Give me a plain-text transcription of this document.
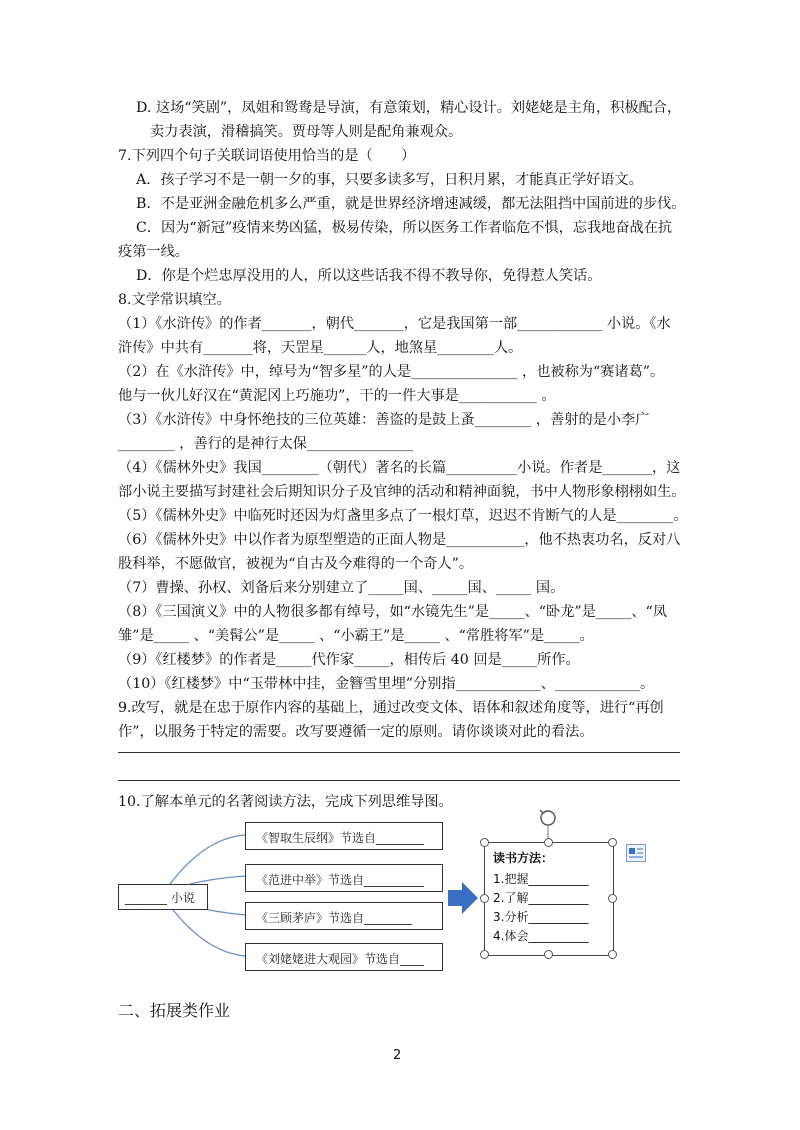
D. 这场“笑剧”，凤姐和鸳鸯是导演，有意策划，精心设计。刘姥姥是主角，积极配合，
卖力表演，滑稽搞笑。贾母等人则是配角兼观众。
7.下列四个句子关联词语使用恰当的是（　　）
A．孩子学习不是一朝一夕的事，只要多读多写，日积月累，才能真正学好语文。
B．不是亚洲金融危机多么严重，就是世界经济增速减缓，都无法阻挡中国前进的步伐。
C．因为“新冠”疫情来势凶猛，极易传染，所以医务工作者临危不惧，忘我地奋战在抗
疫第一线。
D．你是个烂忠厚没用的人，所以这些话我不得不教导你，免得惹人笑话。
8.文学常识填空。
（1）《水浒传》的作者_______，朝代_______，它是我国第一部____________ 小说。《水
浒传》中共有_______将，天罡星______人，地煞星________人。
（2）在《水浒传》中，绰号为“智多星”的人是_______________ ，也被称为“赛诸葛”。
他与一伙儿好汉在“黄泥冈上巧施功”，干的一件大事是___________ 。
（3）《水浒传》中身怀绝技的三位英雄：善盗的是鼓上蚤________ ，善射的是小李广
________ ，善行的是神行太保_______________
（4）《儒林外史》我国________（朝代）著名的长篇__________小说。作者是_______，这
部小说主要描写封建社会后期知识分子及官绅的活动和精神面貌，书中人物形象栩栩如生。
（5）《儒林外史》中临死时还因为灯盏里多点了一根灯草，迟迟不肯断气的人是________。
（6）《儒林外史》中以作者为原型塑造的正面人物是___________，他不热衷功名，反对八
股科举，不愿做官，被视为“自古及今难得的一个奇人”。
（7）曹操、孙权、刘备后来分别建立了_____国、_____国、_____ 国。
（8）《三国演义》中的人物很多都有绰号，如“水镜先生”是_____、“卧龙”是_____、“凤
雏”是_____ 、“美髯公”是_____ 、“小霸王”是_____ 、“常胜将军”是_____。
（9）《红楼梦》的作者是_____代作家_____，相传后 40 回是_____所作。
（10）《红楼梦》中“玉带林中挂，金簪雪里埋”分别指____________、____________。
9.改写，就是在忠于原作内容的基础上，通过改变文体、语体和叙述角度等，进行“再创
作”，以服务于特定的需要。改写要遵循一定的原则。请你谈谈对此的看法。
10.了解本单元的名著阅读方法，完成下列思维导图。
_______ 小说
《智取生辰纲》节选自________
《范进中举》节选自__________
《三顾茅庐》节选自________
《刘姥姥进大观园》节选自____
读书方法：
1.把握__________
2.了解__________
3.分析__________
4.体会__________
二、拓展类作业
2
